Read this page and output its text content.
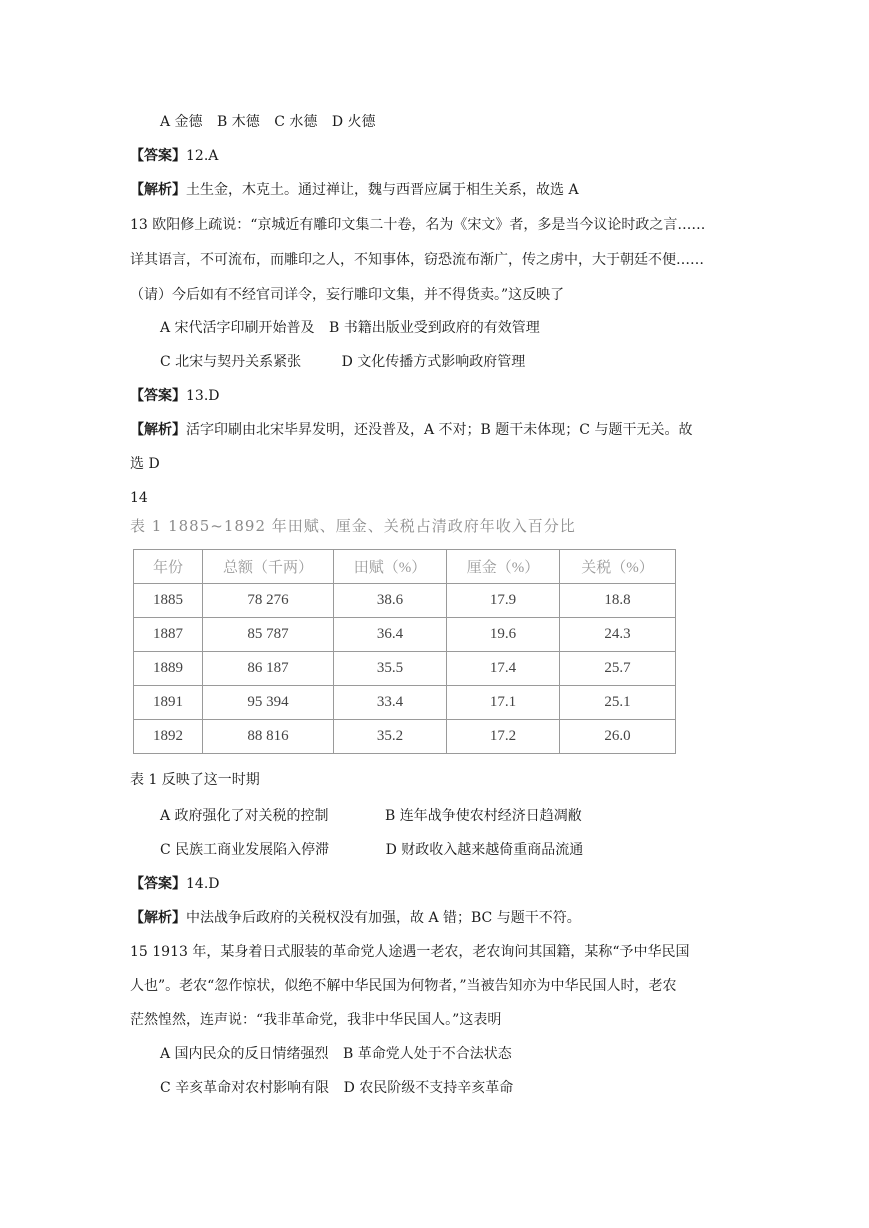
A 金德 B 木德 C 水德 D 火德
【答案】12.A
【解析】土生金，木克土。通过禅让，魏与西晋应属于相生关系，故选 A
13 欧阳修上疏说：“京城近有雕印文集二十卷，名为《宋文》者，多是当今议论时政之言……
详其语言，不可流布，而雕印之人，不知事体，窃恐流布渐广，传之虏中，大于朝廷不便……
（请）今后如有不经官司详令，妄行雕印文集，并不得货卖。”这反映了
A 宋代活字印刷开始普及 B 书籍出版业受到政府的有效管理
C 北宋与契丹关系紧张	D 文化传播方式影响政府管理
【答案】13.D
【解析】活字印刷由北宋毕昇发明，还没普及，A 不对；B 题干未体现；C 与题干无关。故
选 D
14
表 1 1885~1892 年田赋、厘金、关税占清政府年收入百分比
年份	总额（千两）	田赋（%）	厘金（%）	关税（%）
1885	78 276	38.6	17.9	18.8
1887	85 787	36.4	19.6	24.3
1889	86 187	35.5	17.4	25.7
1891	95 394	33.4	17.1	25.1
1892	88 816	35.2	17.2	26.0
表 1 反映了这一时期
A 政府强化了对关税的控制	B 连年战争使农村经济日趋凋敝
C 民族工商业发展陷入停滞	D 财政收入越来越倚重商品流通
【答案】14.D
【解析】中法战争后政府的关税权没有加强，故 A 错；BC 与题干不符。
15 1913 年，某身着日式服装的革命党人途遇一老农，老农询问其国籍，某称“予中华民国
人也”。老农“忽作惊状，似绝不解中华民国为何物者，”当被告知亦为中华民国人时，老农
茫然惶然，连声说：“我非革命党，我非中华民国人。”这表明
A 国内民众的反日情绪强烈 B 革命党人处于不合法状态
C 辛亥革命对农村影响有限 D 农民阶级不支持辛亥革命
